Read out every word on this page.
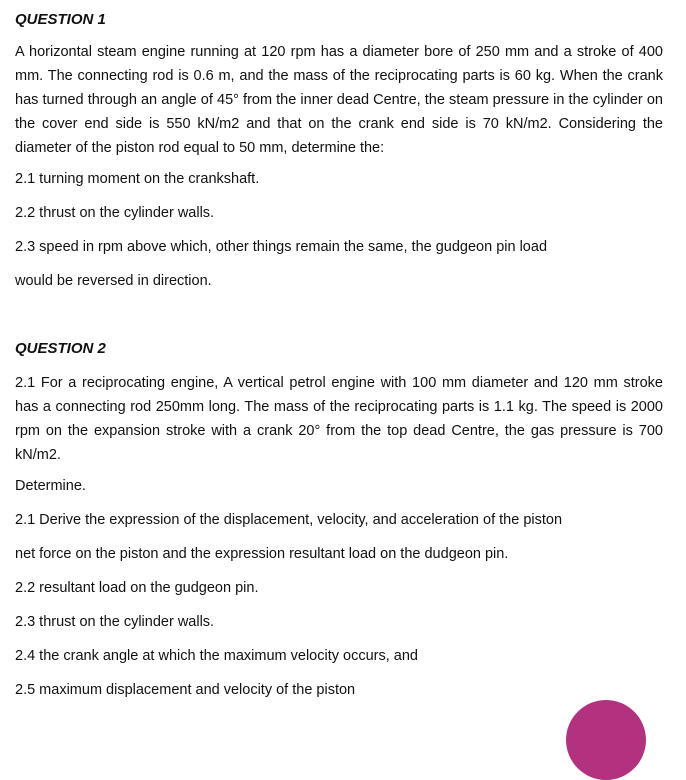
QUESTION 1

A horizontal steam engine running at 120 rpm has a diameter bore of 250 mm and a stroke of 400 mm. The connecting rod is 0.6 m, and the mass of the reciprocating parts is 60 kg. When the crank has turned through an angle of 45° from the inner dead Centre, the steam pressure in the cylinder on the cover end side is 550 kN/m2 and that on the crank end side is 70 kN/m2. Considering the diameter of the piston rod equal to 50 mm, determine the:

2.1 turning moment on the crankshaft.

2.2 thrust on the cylinder walls.

2.3 speed in rpm above which, other things remain the same, the gudgeon pin load

would be reversed in direction.

QUESTION 2

2.1 For a reciprocating engine, A vertical petrol engine with 100 mm diameter and 120 mm stroke has a connecting rod 250mm long. The mass of the reciprocating parts is 1.1 kg. The speed is 2000 rpm on the expansion stroke with a crank 20° from the top dead Centre, the gas pressure is 700 kN/m2.

Determine.

2.1 Derive the expression of the displacement, velocity, and acceleration of the piston

net force on the piston and the expression resultant load on the dudgeon pin.

2.2 resultant load on the gudgeon pin.

2.3 thrust on the cylinder walls.

2.4 the crank angle at which the maximum velocity occurs, and

2.5 maximum displacement and velocity of the piston
